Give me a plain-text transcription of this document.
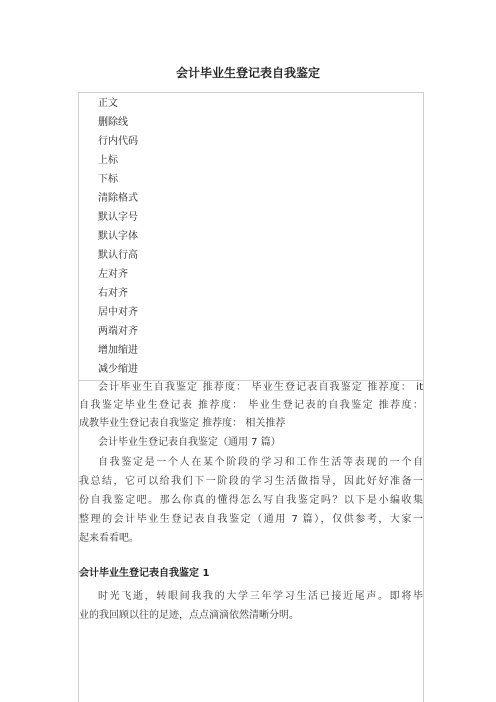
会计毕业生登记表自我鉴定
正文
删除线
行内代码
上标
下标
清除格式
默认字号
默认字体
默认行高
左对齐
右对齐
居中对齐
两端对齐
增加缩进
减少缩进
会计毕业生自我鉴定 推荐度： 毕业生登记表自我鉴定 推荐度： it
自我鉴定毕业生登记表 推荐度： 毕业生登记表的自我鉴定 推荐度：
成教毕业生登记表自我鉴定 推荐度： 相关推荐
会计毕业生登记表自我鉴定（通用 7 篇）
自我鉴定是一个人在某个阶段的学习和工作生活等表现的一个自
我总结，它可以给我们下一阶段的学习生活做指导，因此好好准备一
份自我鉴定吧。那么你真的懂得怎么写自我鉴定吗？以下是小编收集
整理的会计毕业生登记表自我鉴定（通用 7 篇），仅供参考，大家一
起来看看吧。
会计毕业生登记表自我鉴定 1
时光飞逝，转眼间我我的大学三年学习生活已接近尾声。即将毕
业的我回顾以往的足迹，点点滴滴依然清晰分明。
